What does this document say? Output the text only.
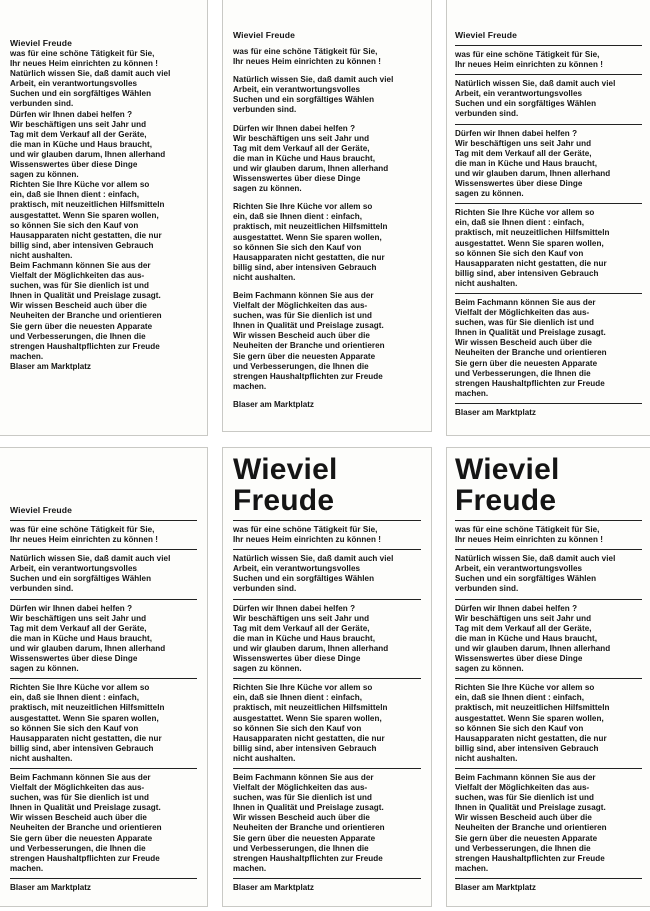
Wieviel Freude
was für eine schöne Tätigkeit für Sie,
Ihr neues Heim einrichten zu können !
Natürlich wissen Sie, daß damit auch viel
Arbeit, ein verantwortungsvolles
Suchen und ein sorgfältiges Wählen
verbunden sind.
Dürfen wir Ihnen dabei helfen ?
Wir beschäftigen uns seit Jahr und
Tag mit dem Verkauf all der Geräte,
die man in Küche und Haus braucht,
und wir glauben darum, Ihnen allerhand
Wissenswertes über diese Dinge
sagen zu können.
Richten Sie Ihre Küche vor allem so
ein, daß sie Ihnen dient : einfach,
praktisch, mit neuzeitlichen Hilfsmitteln
ausgestattet. Wenn Sie sparen wollen,
so können Sie sich den Kauf von
Hausapparaten nicht gestatten, die nur
billig sind, aber intensiven Gebrauch
nicht aushalten.
Beim Fachmann können Sie aus der
Vielfalt der Möglichkeiten das aus-
suchen, was für Sie dienlich ist und
Ihnen in Qualität und Preislage zusagt.
Wir wissen Bescheid auch über die
Neuheiten der Branche und orientieren
Sie gern über die neuesten Apparate
und Verbesserungen, die Ihnen die
strengen Haushaltpflichten zur Freude
machen.
Blaser am Marktplatz
Wieviel Freude
was für eine schöne Tätigkeit für Sie,
Ihr neues Heim einrichten zu können !
Natürlich wissen Sie, daß damit auch viel
Arbeit, ein verantwortungsvolles
Suchen und ein sorgfältiges Wählen
verbunden sind.
Dürfen wir Ihnen dabei helfen ?
Wir beschäftigen uns seit Jahr und
Tag mit dem Verkauf all der Geräte,
die man in Küche und Haus braucht,
und wir glauben darum, Ihnen allerhand
Wissenswertes über diese Dinge
sagen zu können.
Richten Sie Ihre Küche vor allem so
ein, daß sie Ihnen dient : einfach,
praktisch, mit neuzeitlichen Hilfsmitteln
ausgestattet. Wenn Sie sparen wollen,
so können Sie sich den Kauf von
Hausapparaten nicht gestatten, die nur
billig sind, aber intensiven Gebrauch
nicht aushalten.
Beim Fachmann können Sie aus der
Vielfalt der Möglichkeiten das aus-
suchen, was für Sie dienlich ist und
Ihnen in Qualität und Preislage zusagt.
Wir wissen Bescheid auch über die
Neuheiten der Branche und orientieren
Sie gern über die neuesten Apparate
und Verbesserungen, die Ihnen die
strengen Haushaltpflichten zur Freude
machen.
Blaser am Marktplatz
Wieviel Freude
was für eine schöne Tätigkeit für Sie,
Ihr neues Heim einrichten zu können !
Natürlich wissen Sie, daß damit auch viel
Arbeit, ein verantwortungsvolles
Suchen und ein sorgfältiges Wählen
verbunden sind.
Dürfen wir Ihnen dabei helfen ?
Wir beschäftigen uns seit Jahr und
Tag mit dem Verkauf all der Geräte,
die man in Küche und Haus braucht,
und wir glauben darum, Ihnen allerhand
Wissenswertes über diese Dinge
sagen zu können.
Richten Sie Ihre Küche vor allem so
ein, daß sie Ihnen dient : einfach,
praktisch, mit neuzeitlichen Hilfsmitteln
ausgestattet. Wenn Sie sparen wollen,
so können Sie sich den Kauf von
Hausapparaten nicht gestatten, die nur
billig sind, aber intensiven Gebrauch
nicht aushalten.
Beim Fachmann können Sie aus der
Vielfalt der Möglichkeiten das aus-
suchen, was für Sie dienlich ist und
Ihnen in Qualität und Preislage zusagt.
Wir wissen Bescheid auch über die
Neuheiten der Branche und orientieren
Sie gern über die neuesten Apparate
und Verbesserungen, die Ihnen die
strengen Haushaltpflichten zur Freude
machen.
Blaser am Marktplatz
Wieviel Freude
was für eine schöne Tätigkeit für Sie,
Ihr neues Heim einrichten zu können !
Natürlich wissen Sie, daß damit auch viel
Arbeit, ein verantwortungsvolles
Suchen und ein sorgfältiges Wählen
verbunden sind.
Dürfen wir Ihnen dabei helfen ?
Wir beschäftigen uns seit Jahr und
Tag mit dem Verkauf all der Geräte,
die man in Küche und Haus braucht,
und wir glauben darum, Ihnen allerhand
Wissenswertes über diese Dinge
sagen zu können.
Richten Sie Ihre Küche vor allem so
ein, daß sie Ihnen dient : einfach,
praktisch, mit neuzeitlichen Hilfsmitteln
ausgestattet. Wenn Sie sparen wollen,
so können Sie sich den Kauf von
Hausapparaten nicht gestatten, die nur
billig sind, aber intensiven Gebrauch
nicht aushalten.
Beim Fachmann können Sie aus der
Vielfalt der Möglichkeiten das aus-
suchen, was für Sie dienlich ist und
Ihnen in Qualität und Preislage zusagt.
Wir wissen Bescheid auch über die
Neuheiten der Branche und orientieren
Sie gern über die neuesten Apparate
und Verbesserungen, die Ihnen die
strengen Haushaltpflichten zur Freude
machen.
Blaser am Marktplatz
Wieviel
Freude
was für eine schöne Tätigkeit für Sie,
Ihr neues Heim einrichten zu können !
Natürlich wissen Sie, daß damit auch viel
Arbeit, ein verantwortungsvolles
Suchen und ein sorgfältiges Wählen
verbunden sind.
Dürfen wir Ihnen dabei helfen ?
Wir beschäftigen uns seit Jahr und
Tag mit dem Verkauf all der Geräte,
die man in Küche und Haus braucht,
und wir glauben darum, Ihnen allerhand
Wissenswertes über diese Dinge
sagen zu können.
Richten Sie Ihre Küche vor allem so
ein, daß sie Ihnen dient : einfach,
praktisch, mit neuzeitlichen Hilfsmitteln
ausgestattet. Wenn Sie sparen wollen,
so können Sie sich den Kauf von
Hausapparaten nicht gestatten, die nur
billig sind, aber intensiven Gebrauch
nicht aushalten.
Beim Fachmann können Sie aus der
Vielfalt der Möglichkeiten das aus-
suchen, was für Sie dienlich ist und
Ihnen in Qualität und Preislage zusagt.
Wir wissen Bescheid auch über die
Neuheiten der Branche und orientieren
Sie gern über die neuesten Apparate
und Verbesserungen, die Ihnen die
strengen Haushaltpflichten zur Freude
machen.
Blaser am Marktplatz
Wieviel
Freude
was für eine schöne Tätigkeit für Sie,
Ihr neues Heim einrichten zu können !
Natürlich wissen Sie, daß damit auch viel
Arbeit, ein verantwortungsvolles
Suchen und ein sorgfältiges Wählen
verbunden sind.
Dürfen wir Ihnen dabei helfen ?
Wir beschäftigen uns seit Jahr und
Tag mit dem Verkauf all der Geräte,
die man in Küche und Haus braucht,
und wir glauben darum, Ihnen allerhand
Wissenswertes über diese Dinge
sagen zu können.
Richten Sie Ihre Küche vor allem so
ein, daß sie Ihnen dient : einfach,
praktisch, mit neuzeitlichen Hilfsmitteln
ausgestattet. Wenn Sie sparen wollen,
so können Sie sich den Kauf von
Hausapparaten nicht gestatten, die nur
billig sind, aber intensiven Gebrauch
nicht aushalten.
Beim Fachmann können Sie aus der
Vielfalt der Möglichkeiten das aus-
suchen, was für Sie dienlich ist und
Ihnen in Qualität und Preislage zusagt.
Wir wissen Bescheid auch über die
Neuheiten der Branche und orientieren
Sie gern über die neuesten Apparate
und Verbesserungen, die Ihnen die
strengen Haushaltpflichten zur Freude
machen.
Blaser am Marktplatz
